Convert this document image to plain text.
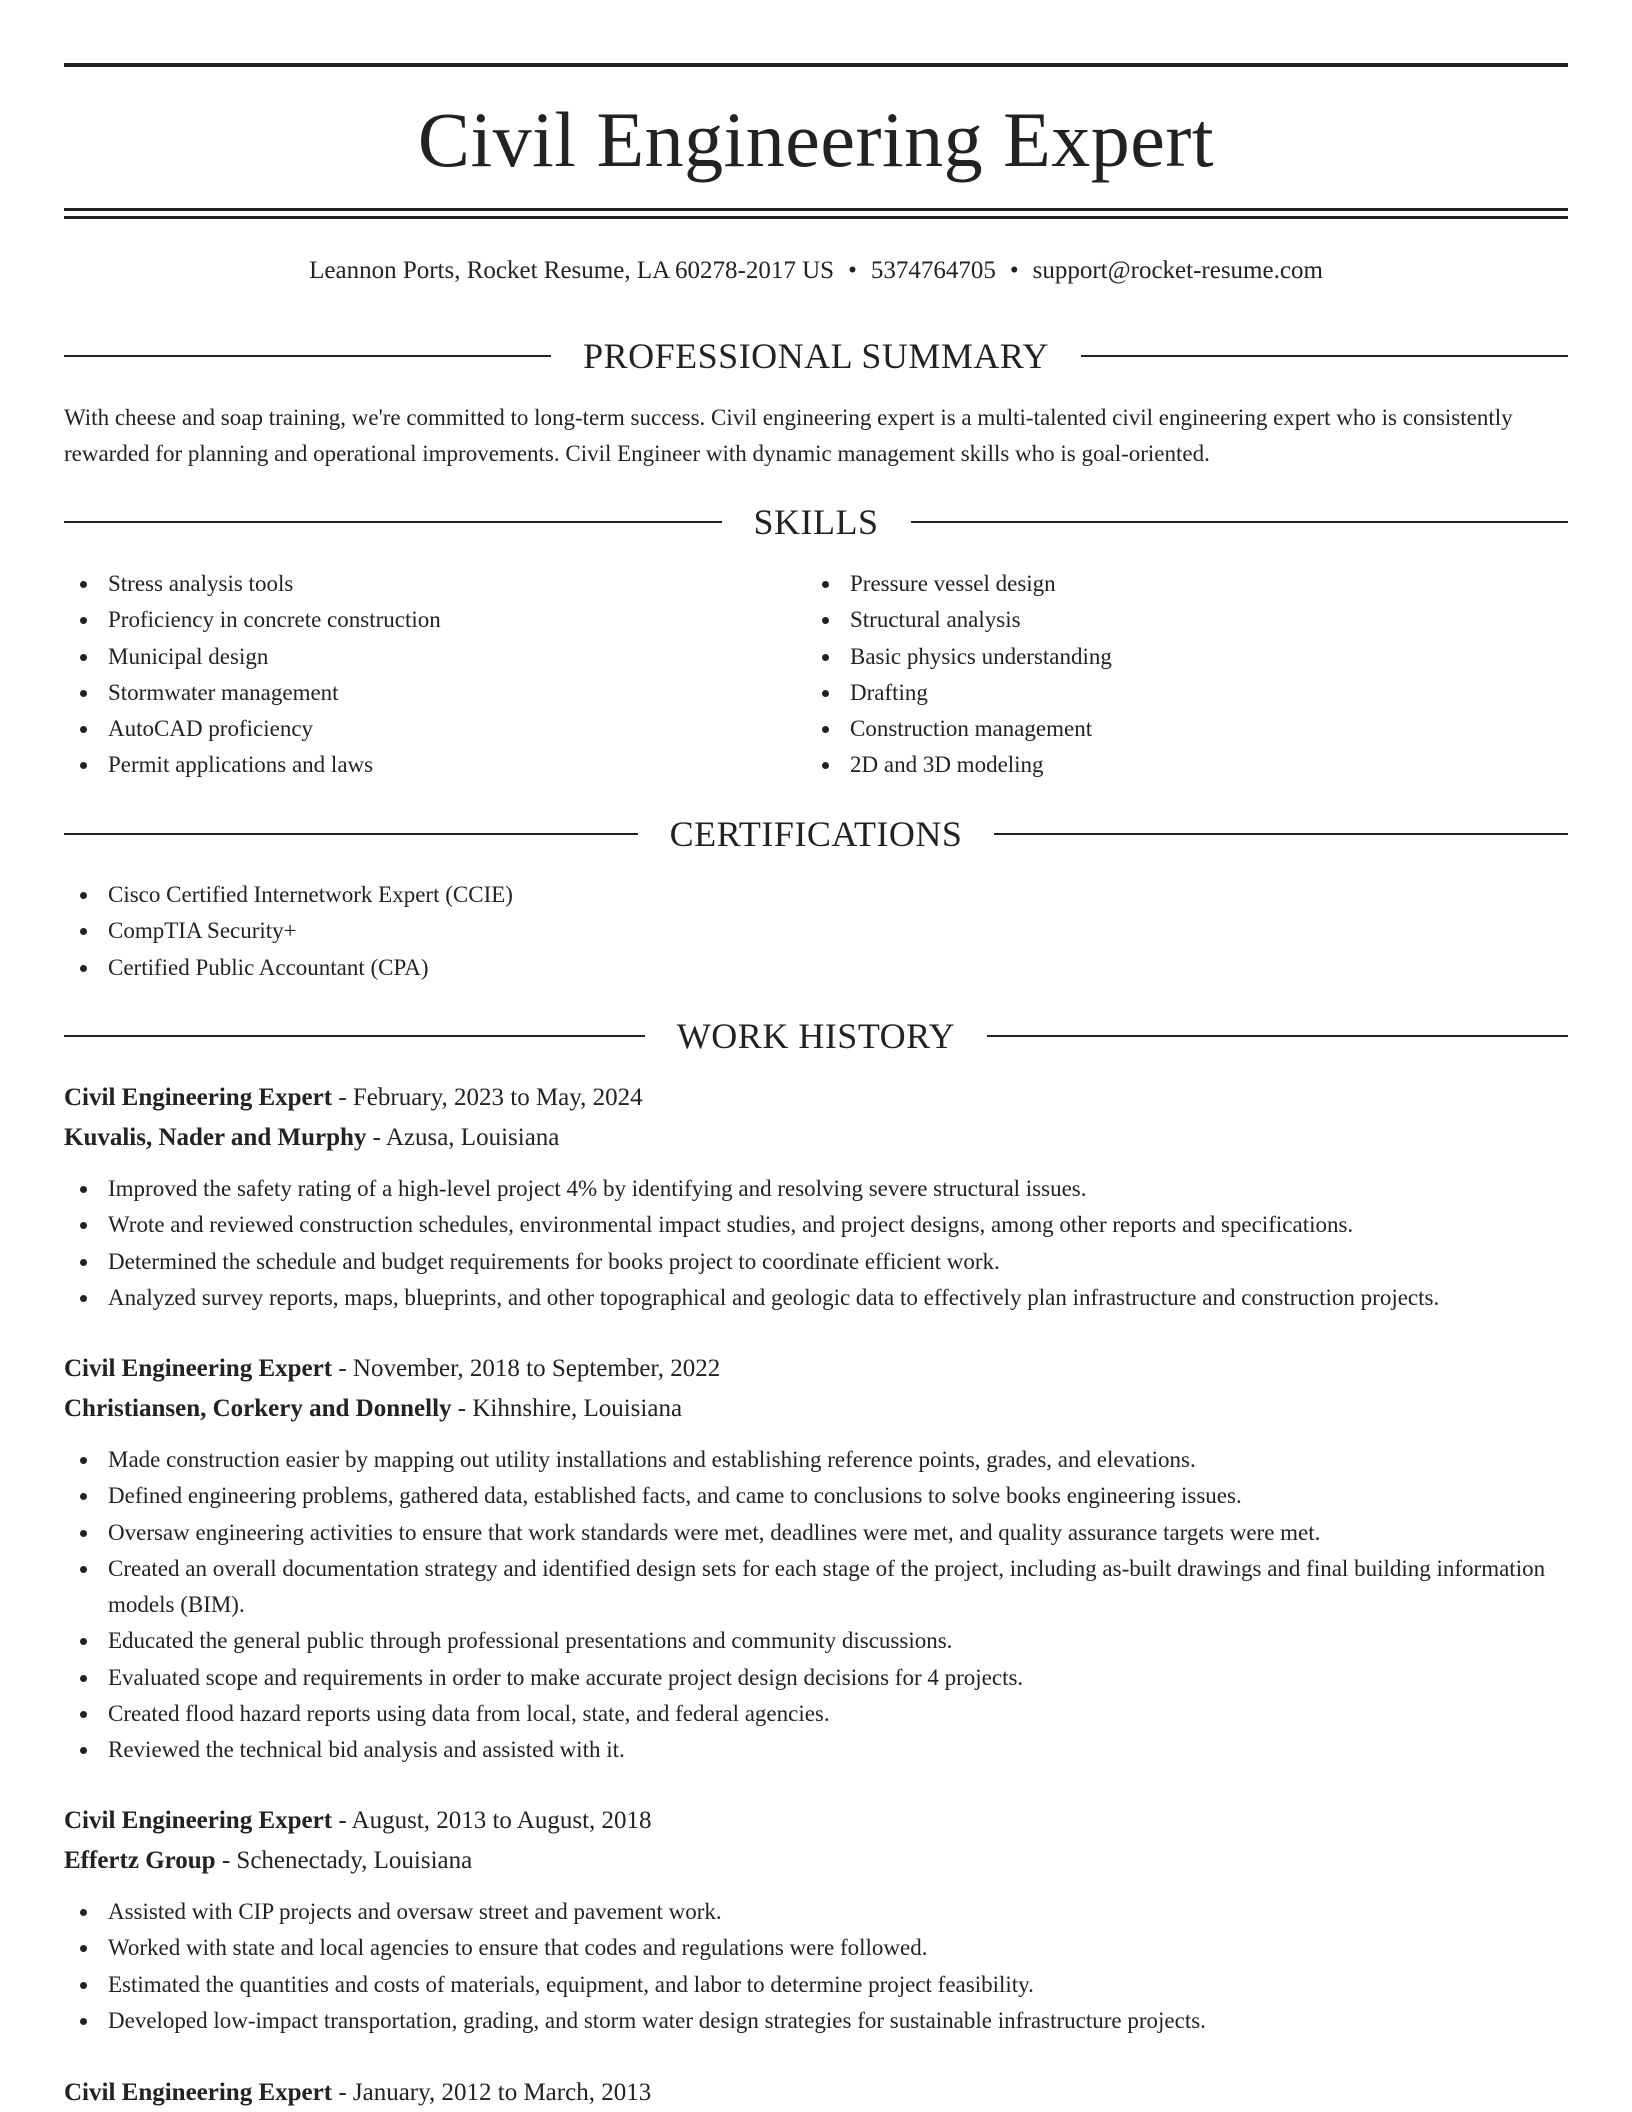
Civil Engineering Expert
Leannon Ports, Rocket Resume, LA 60278-2017 US • 5374764705 • support@rocket-resume.com
PROFESSIONAL SUMMARY

With cheese and soap training, we're committed to long-term success. Civil engineering expert is a multi-talented civil engineering expert who is consistently rewarded for planning and operational improvements. Civil Engineer with dynamic management skills who is goal-oriented.

SKILLS
Stress analysis tools
Proficiency in concrete construction
Municipal design
Stormwater management
AutoCAD proficiency
Permit applications and laws
Pressure vessel design
Structural analysis
Basic physics understanding
Drafting
Construction management
2D and 3D modeling
CERTIFICATIONS
Cisco Certified Internetwork Expert (CCIE)
CompTIA Security+
Certified Public Accountant (CPA)
WORK HISTORY
Civil Engineering Expert - February, 2023 to May, 2024
Kuvalis, Nader and Murphy - Azusa, Louisiana
Improved the safety rating of a high-level project 4% by identifying and resolving severe structural issues.
Wrote and reviewed construction schedules, environmental impact studies, and project designs, among other reports and specifications.
Determined the schedule and budget requirements for books project to coordinate efficient work.
Analyzed survey reports, maps, blueprints, and other topographical and geologic data to effectively plan infrastructure and construction projects.
Civil Engineering Expert - November, 2018 to September, 2022
Christiansen, Corkery and Donnelly - Kihnshire, Louisiana
Made construction easier by mapping out utility installations and establishing reference points, grades, and elevations.
Defined engineering problems, gathered data, established facts, and came to conclusions to solve books engineering issues.
Oversaw engineering activities to ensure that work standards were met, deadlines were met, and quality assurance targets were met.
Created an overall documentation strategy and identified design sets for each stage of the project, including as-built drawings and final building information models (BIM).
Educated the general public through professional presentations and community discussions.
Evaluated scope and requirements in order to make accurate project design decisions for 4 projects.
Created flood hazard reports using data from local, state, and federal agencies.
Reviewed the technical bid analysis and assisted with it.
Civil Engineering Expert - August, 2013 to August, 2018
Effertz Group - Schenectady, Louisiana
Assisted with CIP projects and oversaw street and pavement work.
Worked with state and local agencies to ensure that codes and regulations were followed.
Estimated the quantities and costs of materials, equipment, and labor to determine project feasibility.
Developed low-impact transportation, grading, and storm water design strategies for sustainable infrastructure projects.
Civil Engineering Expert - January, 2012 to March, 2013
